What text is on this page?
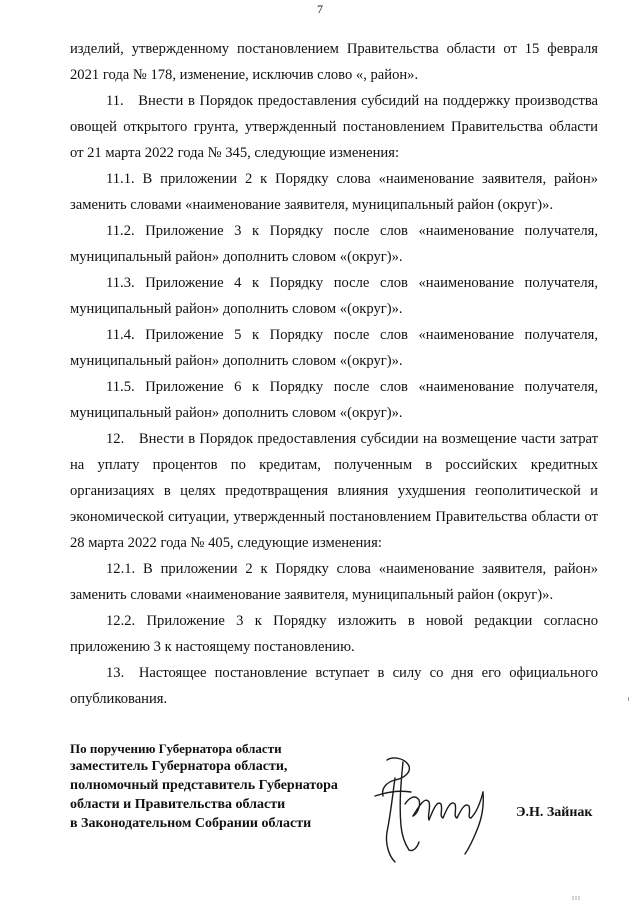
7

изделий, утвержденному постановлением Правительства области от 15 февраля 2021 года № 178, изменение, исключив слово «, район».

11. Внести в Порядок предоставления субсидий на поддержку производства овощей открытого грунта, утвержденный постановлением Правительства области от 21 марта 2022 года № 345, следующие изменения:

11.1. В приложении 2 к Порядку слова «наименование заявителя, район» заменить словами «наименование заявителя, муниципальный район (округ)».

11.2. Приложение 3 к Порядку после слов «наименование получателя, муниципальный район» дополнить словом «(округ)».

11.3. Приложение 4 к Порядку после слов «наименование получателя, муниципальный район» дополнить словом «(округ)».

11.4. Приложение 5 к Порядку после слов «наименование получателя, муниципальный район» дополнить словом «(округ)».

11.5. Приложение 6 к Порядку после слов «наименование получателя, муниципальный район» дополнить словом «(округ)».

12. Внести в Порядок предоставления субсидии на возмещение части затрат на уплату процентов по кредитам, полученным в российских кредитных организациях в целях предотвращения влияния ухудшения геополитической и экономической ситуации, утвержденный постановлением Правительства области от 28 марта 2022 года № 405, следующие изменения:

12.1. В приложении 2 к Порядку слова «наименование заявителя, район» заменить словами «наименование заявителя, муниципальный район (округ)».

12.2. Приложение 3 к Порядку изложить в новой редакции согласно приложению 3 к настоящему постановлению.

13. Настоящее постановление вступает в силу со дня его официального опубликования.

По поручению Губернатора области
заместитель Губернатора области,
полномочный представитель Губернатора
области и Правительства области
в Законодательном Собрании области
Э.Н. Зайнак
ІІІ
